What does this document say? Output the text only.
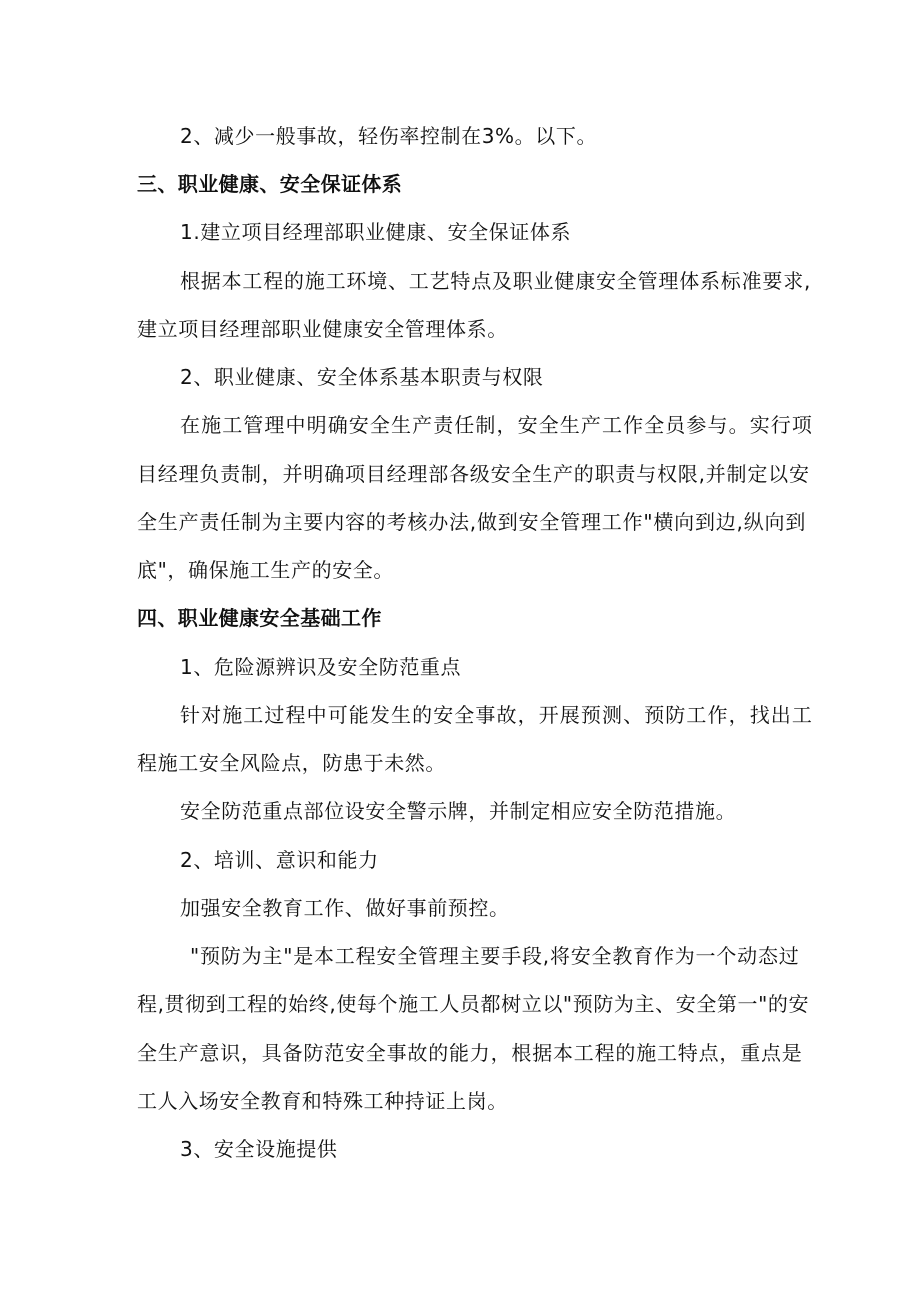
2、减少一般事故，轻伤率控制在3%。以下。
三、职业健康、安全保证体系
1.建立项目经理部职业健康、安全保证体系
根据本工程的施工环境、工艺特点及职业健康安全管理体系标准要求,
建立项目经理部职业健康安全管理体系。
2、职业健康、安全体系基本职责与权限
在施工管理中明确安全生产责任制，安全生产工作全员参与。实行项
目经理负责制，并明确项目经理部各级安全生产的职责与权限,并制定以安
全生产责任制为主要内容的考核办法,做到安全管理工作"横向到边,纵向到
底"，确保施工生产的安全。
四、职业健康安全基础工作
1、危险源辨识及安全防范重点
针对施工过程中可能发生的安全事故，开展预测、预防工作，找出工
程施工安全风险点，防患于未然。
安全防范重点部位设安全警示牌，并制定相应安全防范措施。
2、培训、意识和能力
加强安全教育工作、做好事前预控。
"预防为主"是本工程安全管理主要手段,将安全教育作为一个动态过
程,贯彻到工程的始终,使每个施工人员都树立以"预防为主、安全第一"的安
全生产意识，具备防范安全事故的能力，根据本工程的施工特点，重点是
工人入场安全教育和特殊工种持证上岗。
3、安全设施提供
